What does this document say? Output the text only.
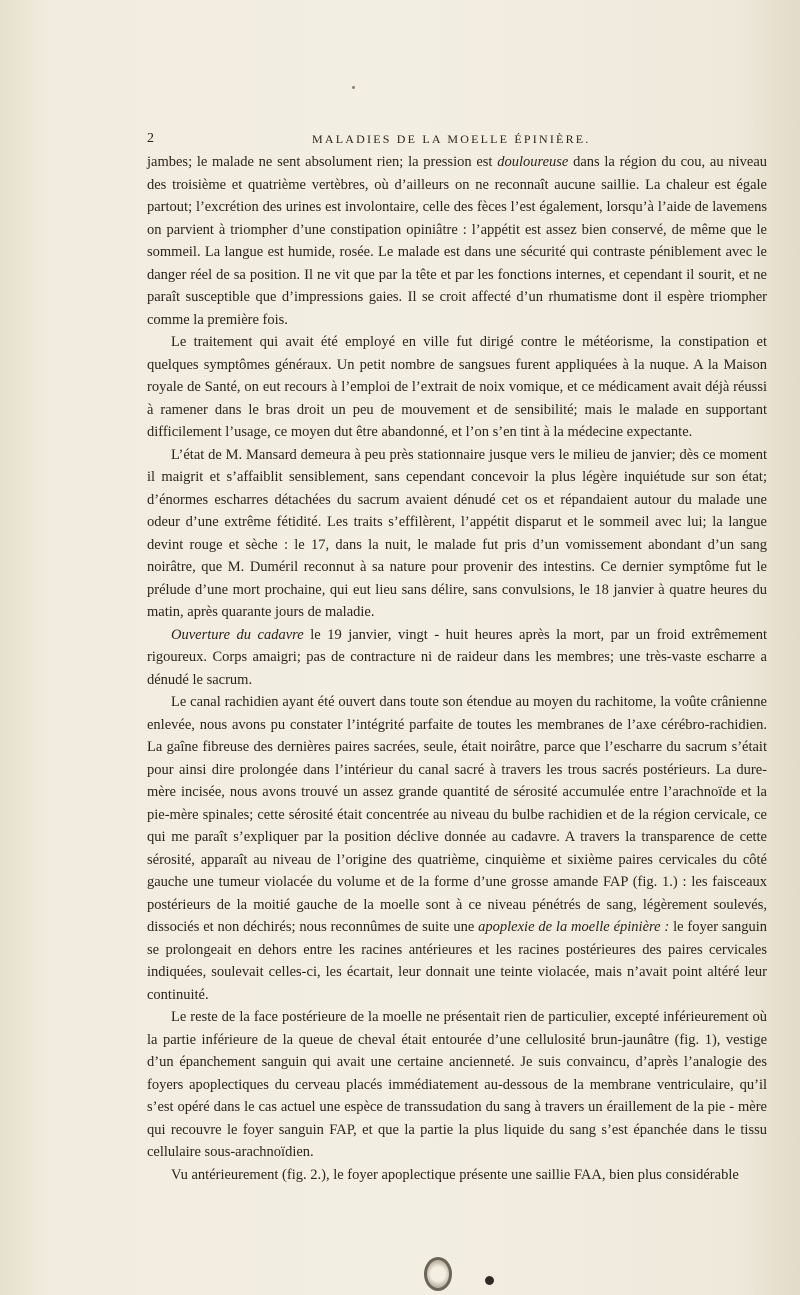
2	MALADIES DE LA MOELLE ÉPINIÈRE.

jambes; le malade ne sent absolument rien; la pression est douloureuse dans la région du cou, au niveau des troisième et quatrième vertèbres, où d’ailleurs on ne reconnaît aucune saillie. La chaleur est égale partout; l’excrétion des urines est involontaire, celle des fèces l’est également, lorsqu’à l’aide de lavemens on parvient à triompher d’une constipation opiniâtre : l’appétit est assez bien conservé, de même que le sommeil. La langue est humide, rosée. Le malade est dans une sécurité qui contraste péniblement avec le danger réel de sa position. Il ne vit que par la tête et par les fonctions internes, et cependant il sourit, et ne paraît susceptible que d’impressions gaies. Il se croit affecté d’un rhumatisme dont il espère triompher comme la première fois.

Le traitement qui avait été employé en ville fut dirigé contre le météorisme, la constipation et quelques symptômes généraux. Un petit nombre de sangsues furent appliquées à la nuque. A la Maison royale de Santé, on eut recours à l’emploi de l’extrait de noix vomique, et ce médicament avait déjà réussi à ramener dans le bras droit un peu de mouvement et de sensibilité; mais le malade en supportant difficilement l’usage, ce moyen dut être abandonné, et l’on s’en tint à la médecine expectante.

L’état de M. Mansard demeura à peu près stationnaire jusque vers le milieu de janvier; dès ce moment il maigrit et s’affaiblit sensiblement, sans cependant concevoir la plus légère inquiétude sur son état; d’énormes escharres détachées du sacrum avaient dénudé cet os et répandaient autour du malade une odeur d’une extrême fétidité. Les traits s’effilèrent, l’appétit disparut et le sommeil avec lui; la langue devint rouge et sèche : le 17, dans la nuit, le malade fut pris d’un vomissement abondant d’un sang noirâtre, que M. Duméril reconnut à sa nature pour provenir des intestins. Ce dernier symptôme fut le prélude d’une mort prochaine, qui eut lieu sans délire, sans convulsions, le 18 janvier à quatre heures du matin, après quarante jours de maladie.

Ouverture du cadavre le 19 janvier, vingt - huit heures après la mort, par un froid extrêmement rigoureux. Corps amaigri; pas de contracture ni de raideur dans les membres; une très-vaste escharre a dénudé le sacrum.

Le canal rachidien ayant été ouvert dans toute son étendue au moyen du rachitome, la voûte crânienne enlevée, nous avons pu constater l’intégrité parfaite de toutes les membranes de l’axe cérébro-rachidien. La gaîne fibreuse des dernières paires sacrées, seule, était noirâtre, parce que l’escharre du sacrum s’était pour ainsi dire prolongée dans l’intérieur du canal sacré à travers les trous sacrés postérieurs. La dure-mère incisée, nous avons trouvé un assez grande quantité de sérosité accumulée entre l’arachnoïde et la pie-mère spinales; cette sérosité était concentrée au niveau du bulbe rachidien et de la région cervicale, ce qui me paraît s’expliquer par la position déclive donnée au cadavre. A travers la transparence de cette sérosité, apparaît au niveau de l’origine des quatrième, cinquième et sixième paires cervicales du côté gauche une tumeur violacée du volume et de la forme d’une grosse amande FAP (fig. 1.) : les faisceaux postérieurs de la moitié gauche de la moelle sont à ce niveau pénétrés de sang, légèrement soulevés, dissociés et non déchirés; nous reconnûmes de suite une apoplexie de la moelle épinière : le foyer sanguin se prolongeait en dehors entre les racines antérieures et les racines postérieures des paires cervicales indiquées, soulevait celles-ci, les écartait, leur donnait une teinte violacée, mais n’avait point altéré leur continuité.

Le reste de la face postérieure de la moelle ne présentait rien de particulier, excepté inférieurement où la partie inférieure de la queue de cheval était entourée d’une cellulosité brun-jaunâtre (fig. 1), vestige d’un épanchement sanguin qui avait une certaine ancienneté. Je suis convaincu, d’après l’analogie des foyers apoplectiques du cerveau placés immédiatement au-dessous de la membrane ventriculaire, qu’il s’est opéré dans le cas actuel une espèce de transsudation du sang à travers un éraillement de la pie - mère qui recouvre le foyer sanguin FAP, et que la partie la plus liquide du sang s’est épanchée dans le tissu cellulaire sous-arachnoïdien.

Vu antérieurement (fig. 2.), le foyer apoplectique présente une saillie FAA, bien plus considérable
